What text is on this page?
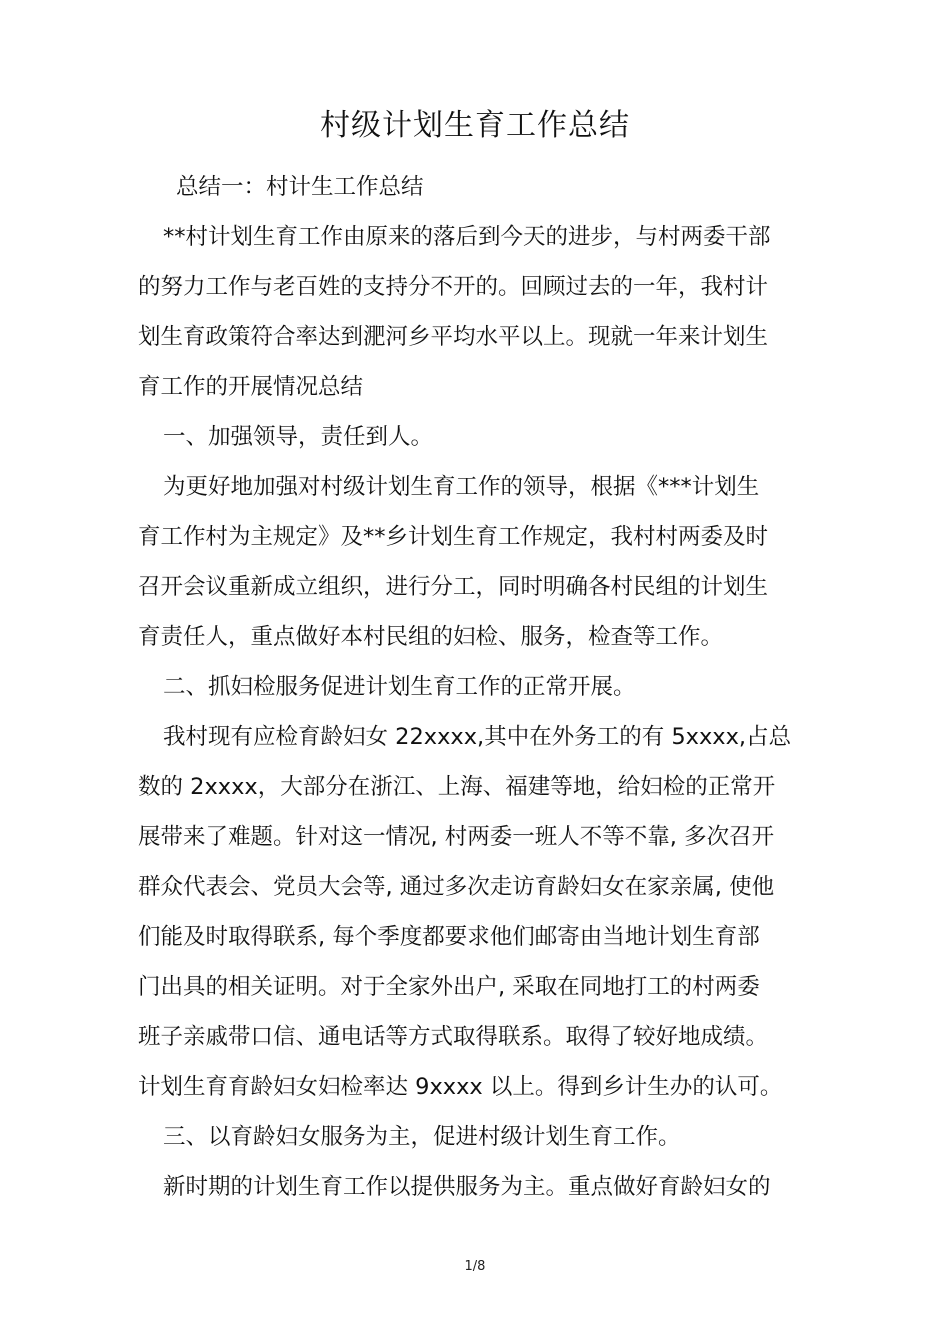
村级计划生育工作总结

总结一：村计生工作总结

**村计划生育工作由原来的落后到今天的进步，与村两委干部

的努力工作与老百姓的支持分不开的。回顾过去的一年，我村计

划生育政策符合率达到淝河乡平均水平以上。现就一年来计划生

育工作的开展情况总结

一、加强领导，责任到人。

为更好地加强对村级计划生育工作的领导，根据《***计划生

育工作村为主规定》及**乡计划生育工作规定，我村村两委及时

召开会议重新成立组织，进行分工，同时明确各村民组的计划生

育责任人，重点做好本村民组的妇检、服务，检查等工作。

二、抓妇检服务促进计划生育工作的正常开展。

我村现有应检育龄妇女 22xxxx,其中在外务工的有 5xxxx,占总

数的 2xxxx，大部分在浙江、上海、福建等地，给妇检的正常开

展带来了难题。针对这一情况, 村两委一班人不等不靠, 多次召开

群众代表会、党员大会等, 通过多次走访育龄妇女在家亲属, 使他

们能及时取得联系, 每个季度都要求他们邮寄由当地计划生育部

门出具的相关证明。对于全家外出户, 采取在同地打工的村两委

班子亲戚带口信、通电话等方式取得联系。取得了较好地成绩。

计划生育育龄妇女妇检率达 9xxxx 以上。得到乡计生办的认可。

三、以育龄妇女服务为主，促进村级计划生育工作。

新时期的计划生育工作以提供服务为主。重点做好育龄妇女的

1/8
